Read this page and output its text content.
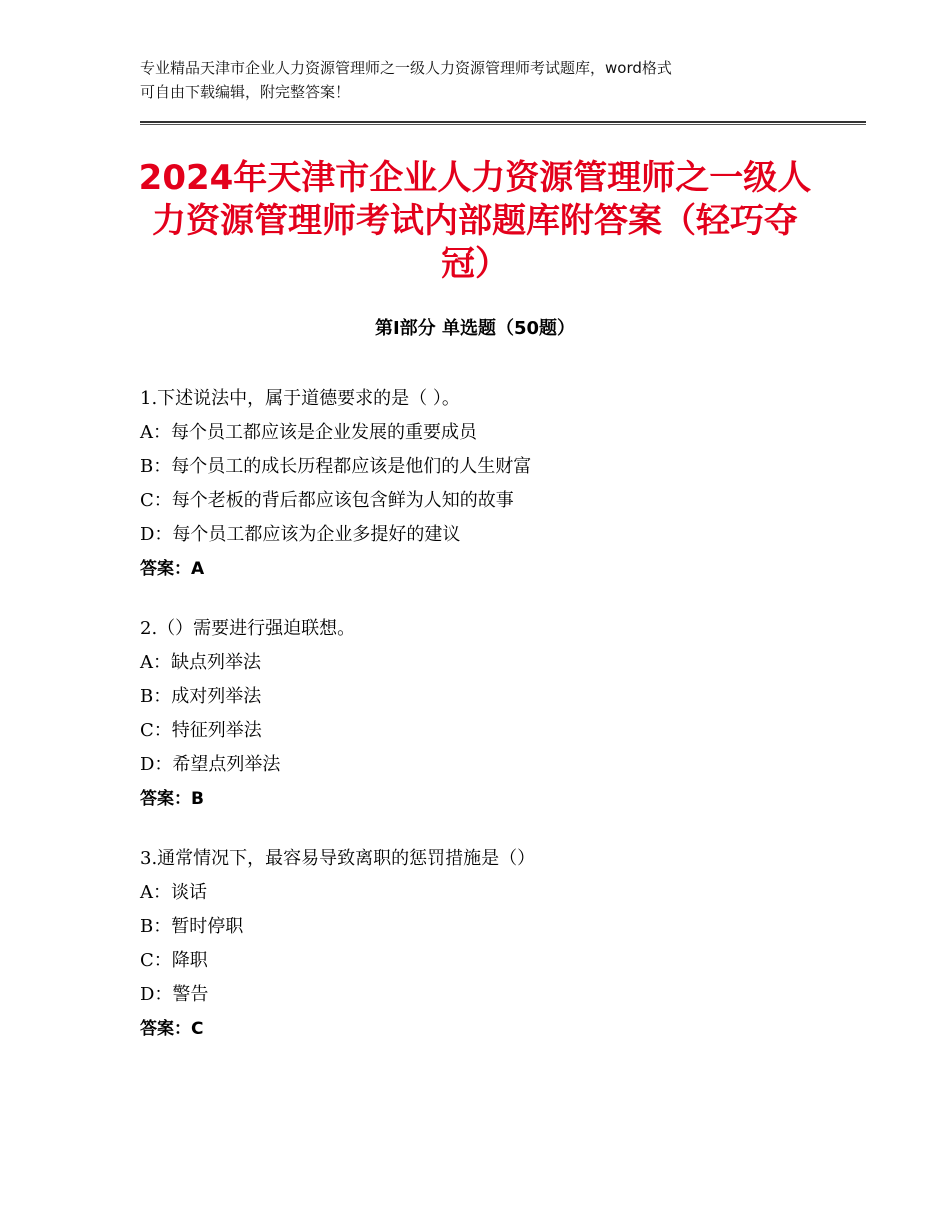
专业精品天津市企业人力资源管理师之一级人力资源管理师考试题库，word格式
可自由下载编辑，附完整答案！
2024年天津市企业人力资源管理师之一级人
力资源管理师考试内部题库附答案（轻巧夺
冠）
第Ⅰ部分 单选题（50题）
1.下述说法中，属于道德要求的是（ ）。
A：每个员工都应该是企业发展的重要成员
B：每个员工的成长历程都应该是他们的人生财富
C：每个老板的背后都应该包含鲜为人知的故事
D：每个员工都应该为企业多提好的建议
答案：A
2.（）需要进行强迫联想。
A：缺点列举法
B：成对列举法
C：特征列举法
D：希望点列举法
答案：B
3.通常情况下，最容易导致离职的惩罚措施是（）
A：谈话
B：暂时停职
C：降职
D：警告
答案：C
